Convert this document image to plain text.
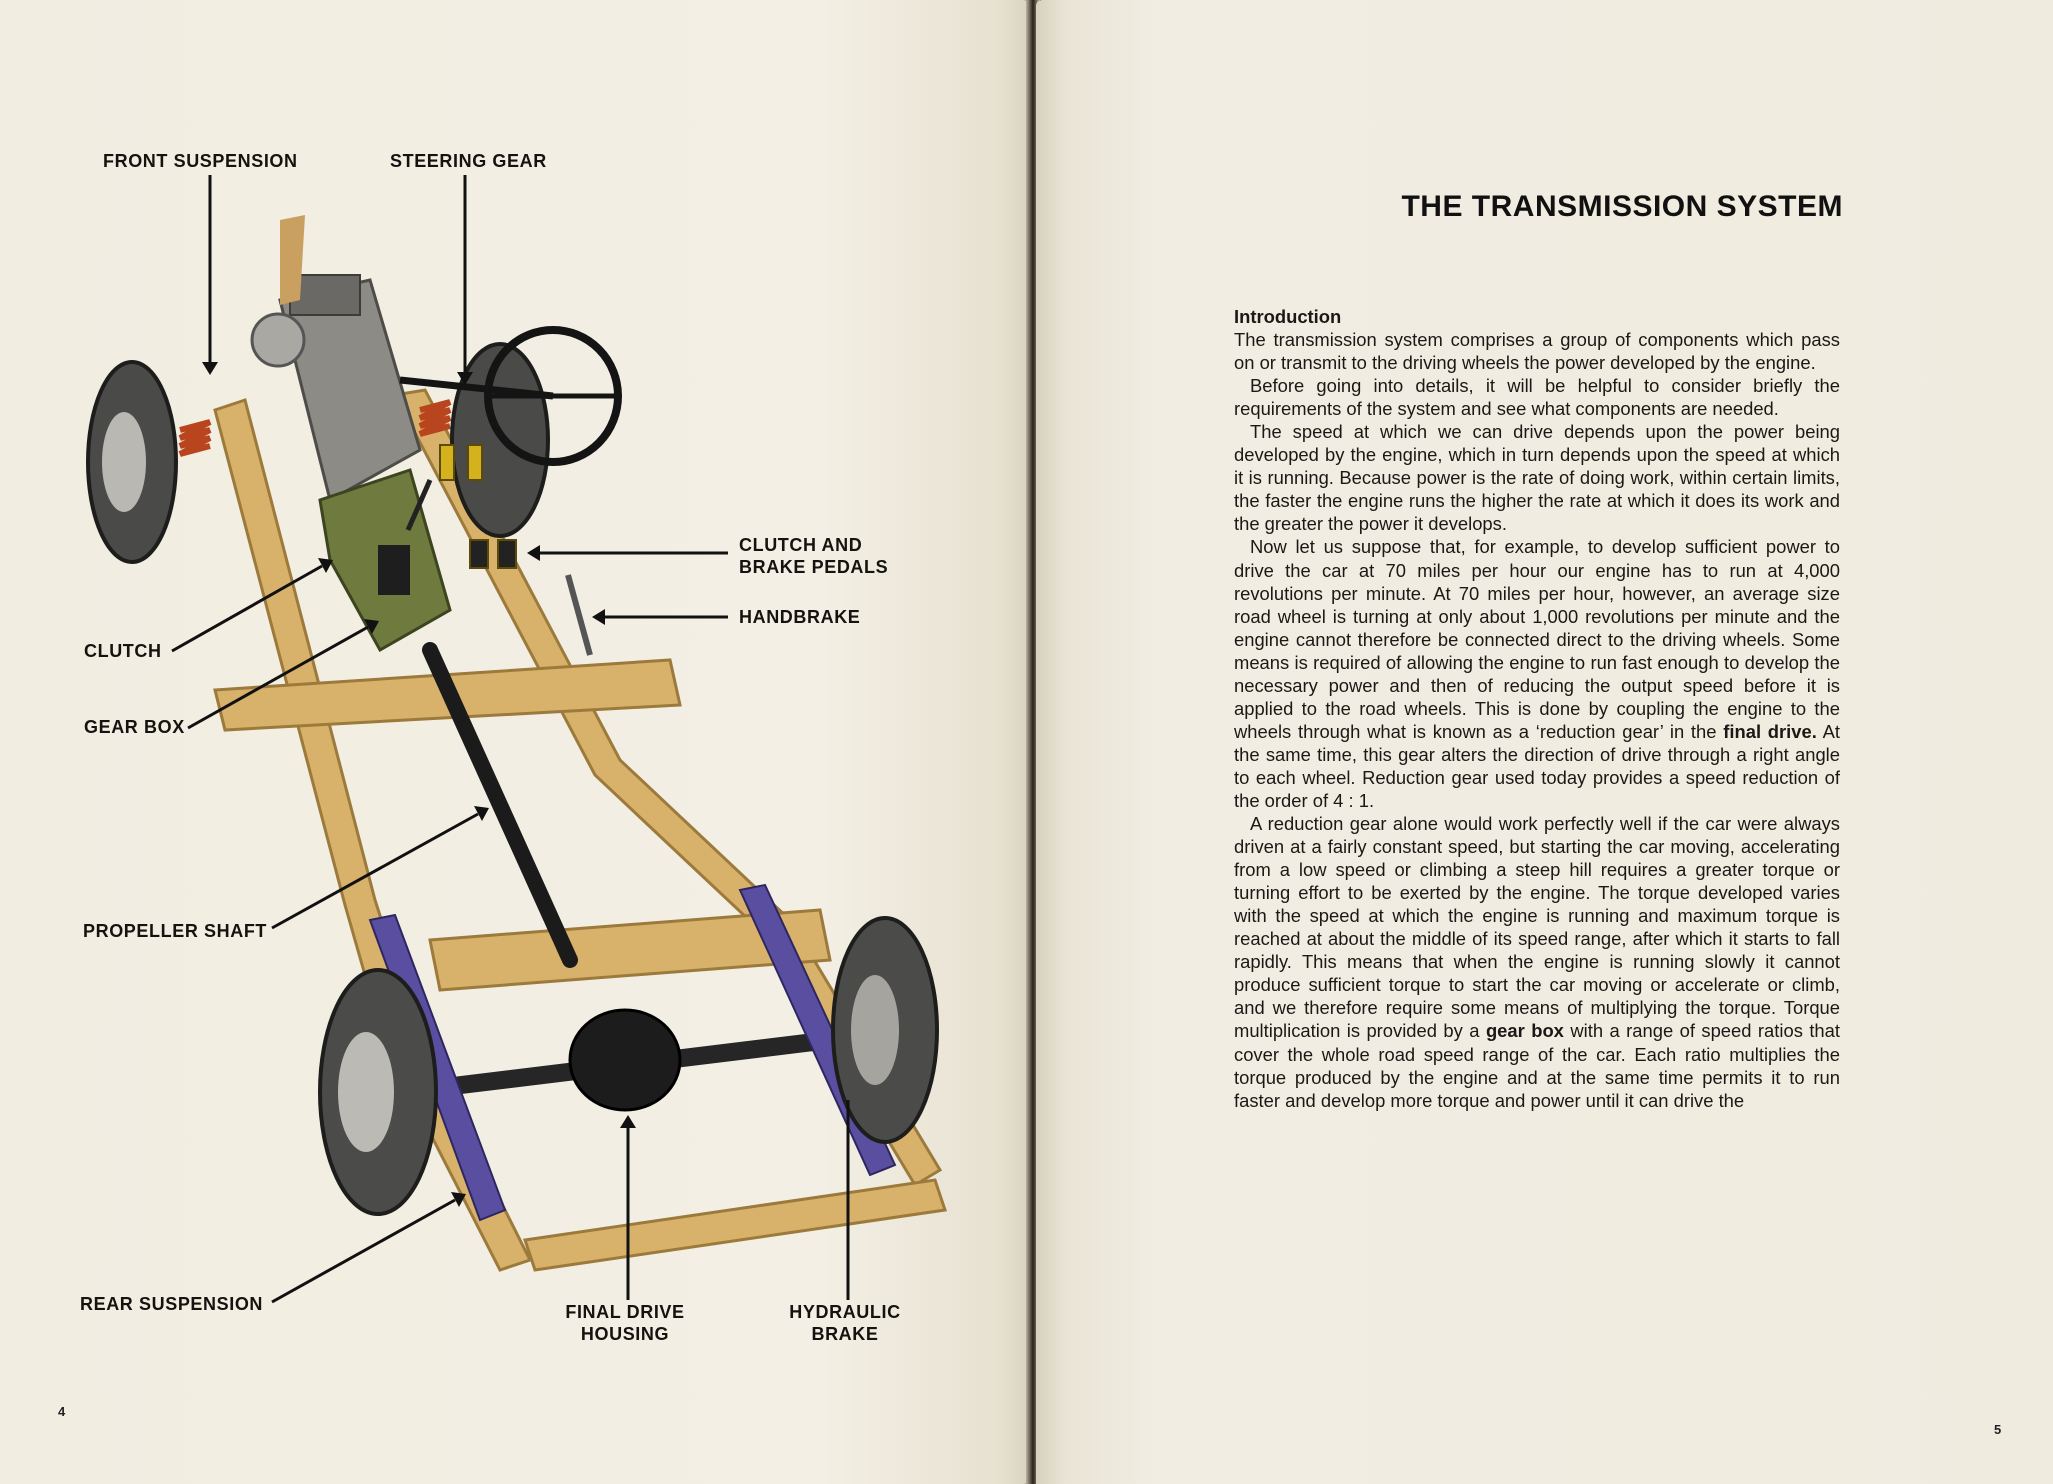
FRONT SUSPENSION	STEERING GEAR
CLUTCH AND
BRAKE PEDALS
HANDBRAKE
CLUTCH
GEAR BOX
PROPELLER SHAFT
REAR SUSPENSION	FINAL DRIVE
HOUSING
HYDRAULIC
BRAKE
4
5
THE TRANSMISSION SYSTEM
Introduction

The transmission system comprises a group of components which pass on or transmit to the driving wheels the power developed by the engine.

Before going into details, it will be helpful to consider briefly the requirements of the system and see what components are needed.

The speed at which we can drive depends upon the power being developed by the engine, which in turn depends upon the speed at which it is running. Because power is the rate of doing work, within certain limits, the faster the engine runs the higher the rate at which it does its work and the greater the power it develops.

Now let us suppose that, for example, to develop sufficient power to drive the car at 70 miles per hour our engine has to run at 4,000 revolutions per minute. At 70 miles per hour, however, an average size road wheel is turning at only about 1,000 revolutions per minute and the engine cannot therefore be connected direct to the driving wheels. Some means is required of allowing the engine to run fast enough to develop the necessary power and then of reducing the output speed before it is applied to the road wheels. This is done by coupling the engine to the wheels through what is known as a ‘reduction gear’ in the final drive. At the same time, this gear alters the direction of drive through a right angle to each wheel. Reduction gear used today provides a speed reduction of the order of 4 : 1.

A reduction gear alone would work perfectly well if the car were always driven at a fairly constant speed, but starting the car moving, accelerating from a low speed or climbing a steep hill requires a greater torque or turning effort to be exerted by the engine. The torque developed varies with the speed at which the engine is running and maximum torque is reached at about the middle of its speed range, after which it starts to fall rapidly. This means that when the engine is running slowly it cannot produce sufficient torque to start the car moving or accelerate or climb, and we therefore require some means of multiplying the torque. Torque multiplication is provided by a gear box with a range of speed ratios that cover the whole road speed range of the car. Each ratio multiplies the torque produced by the engine and at the same time permits it to run faster and develop more torque and power until it can drive the
